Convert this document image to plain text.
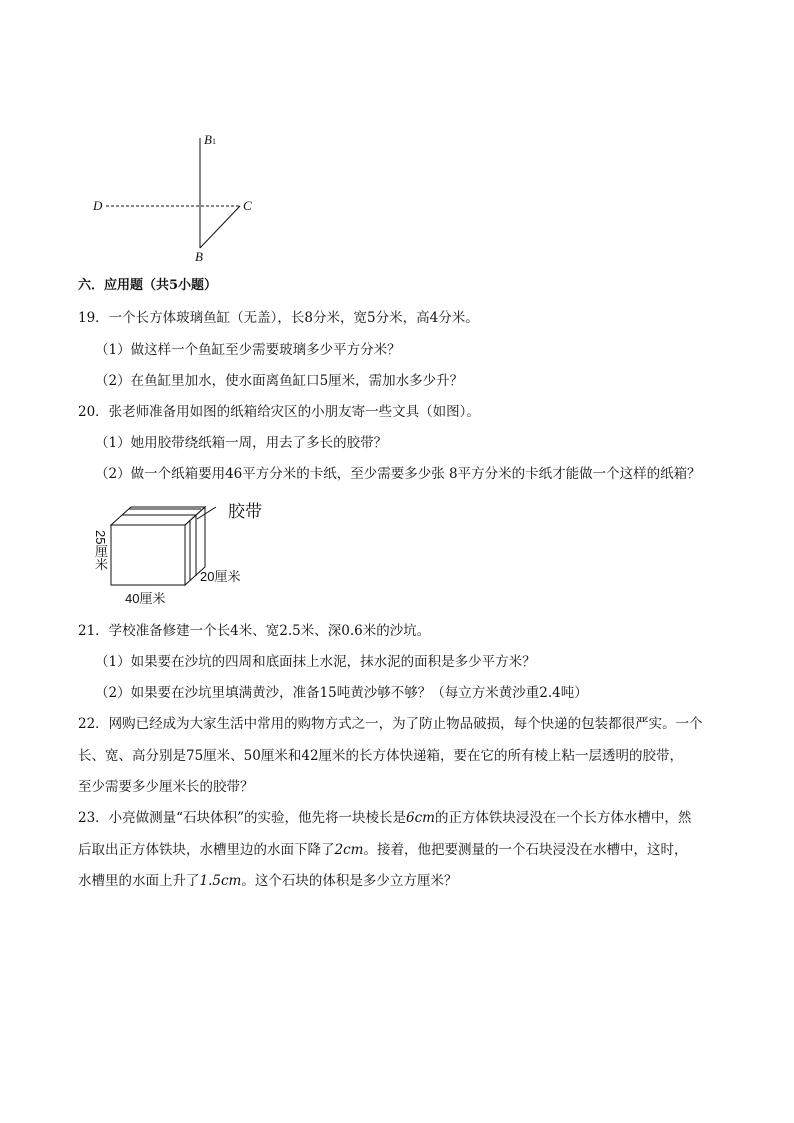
B1
C
D
B
六．应用题（共5小题）
19．一个长方体玻璃鱼缸（无盖），长8分米，宽5分米，高4分米。
（1）做这样一个鱼缸至少需要玻璃多少平方分米？
（2）在鱼缸里加水，使水面离鱼缸口5厘米，需加水多少升？
20．张老师准备用如图的纸箱给灾区的小朋友寄一些文具（如图）。
（1）她用胶带绕纸箱一周，用去了多长的胶带？
（2）做一个纸箱要用46平方分米的卡纸，至少需要多少张 8平方分米的卡纸才能做一个这样的纸箱？
胶带
25厘米
20厘米
40厘米
21．学校准备修建一个长4米、宽2.5米、深0.6米的沙坑。
（1）如果要在沙坑的四周和底面抹上水泥，抹水泥的面积是多少平方米？
（2）如果要在沙坑里填满黄沙，准备15吨黄沙够不够？（每立方米黄沙重2.4吨）
22．网购已经成为大家生活中常用的购物方式之一，为了防止物品破损，每个快递的包装都很严实。一个
长、宽、高分别是75厘米、50厘米和42厘米的长方体快递箱，要在它的所有棱上粘一层透明的胶带，
至少需要多少厘米长的胶带？
23．小亮做测量“石块体积”的实验，他先将一块棱长是6cm的正方体铁块浸没在一个长方体水槽中，然
后取出正方体铁块，水槽里边的水面下降了2cm。接着，他把要测量的一个石块浸没在水槽中，这时，
水槽里的水面上升了1.5cm。这个石块的体积是多少立方厘米？
